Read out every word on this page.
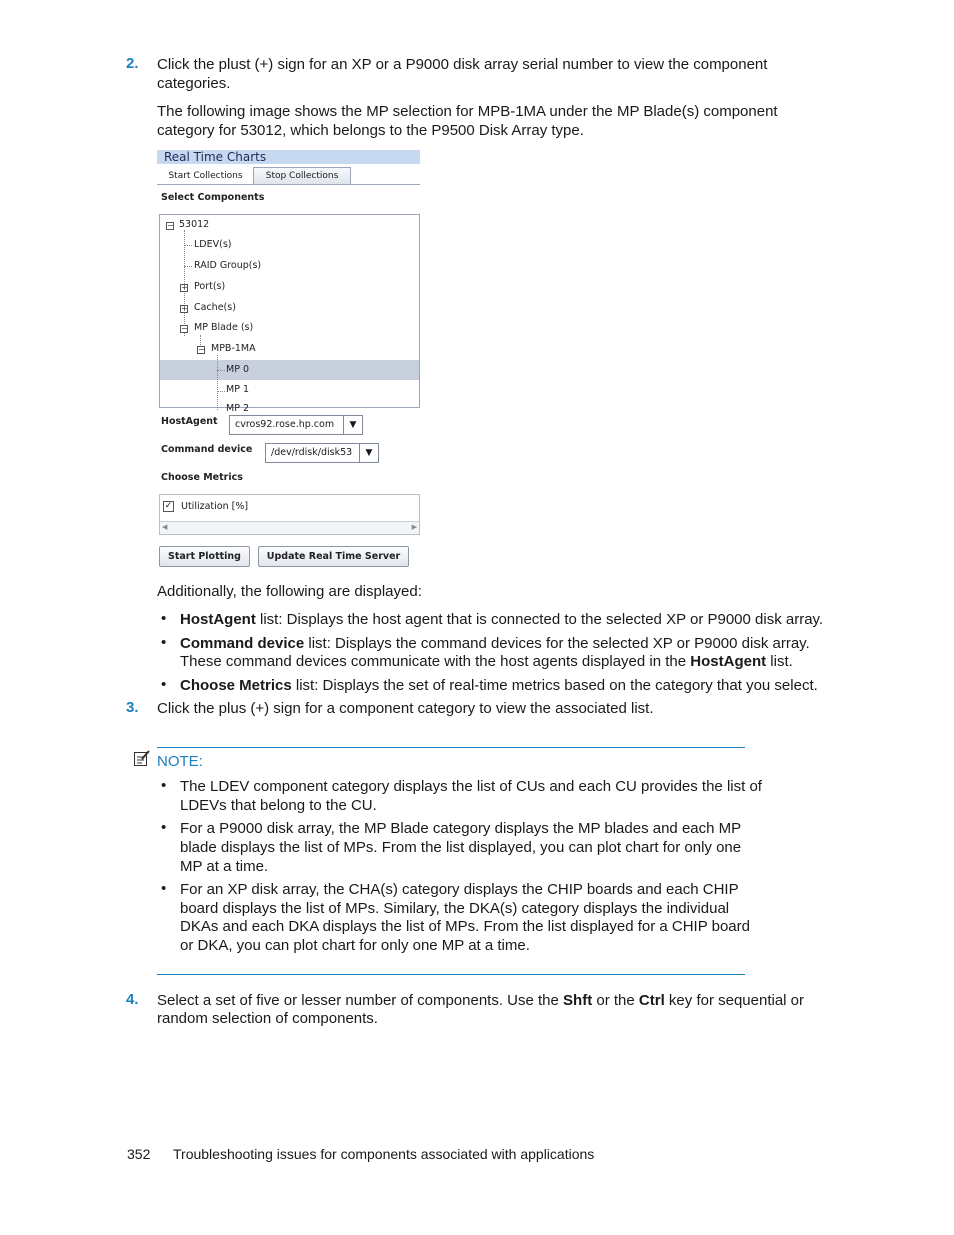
2. Click the plust (+) sign for an XP or a P9000 disk array serial number to view the component
categories.
The following image shows the MP selection for MPB-1MA under the MP Blade(s) component
category for 53012, which belongs to the P9500 Disk Array type.
Real Time Charts
Start Collections	Stop Collections
Select Components
− 53012
LDEV(s)
RAID Group(s)
+ Port(s)
+ Cache(s)
− MP Blade (s)
− MPB-1MA
MP 0
MP 1
MP 2
HostAgent	cvros92.rose.hp.com	▼
Command device	/dev/rdisk/disk53	▼
Choose Metrics
✓ Utilization [%]
◀	▶
Start Plotting	Update Real Time Server
Additionally, the following are displayed:
• HostAgent list: Displays the host agent that is connected to the selected XP or P9000 disk array.
• Command device list: Displays the command devices for the selected XP or P9000 disk array.
These command devices communicate with the host agents displayed in the HostAgent list.
• Choose Metrics list: Displays the set of real-time metrics based on the category that you select.
3. Click the plus (+) sign for a component category to view the associated list.
NOTE:
• The LDEV component category displays the list of CUs and each CU provides the list of
LDEVs that belong to the CU.
• For a P9000 disk array, the MP Blade category displays the MP blades and each MP
blade displays the list of MPs. From the list displayed, you can plot chart for only one
MP at a time.
• For an XP disk array, the CHA(s) category displays the CHIP boards and each CHIP
board displays the list of MPs. Similary, the DKA(s) category displays the individual
DKAs and each DKA displays the list of MPs. From the list displayed for a CHIP board
or DKA, you can plot chart for only one MP at a time.
4. Select a set of five or lesser number of components. Use the Shft or the Ctrl key for sequential or
random selection of components.
352 Troubleshooting issues for components associated with applications
